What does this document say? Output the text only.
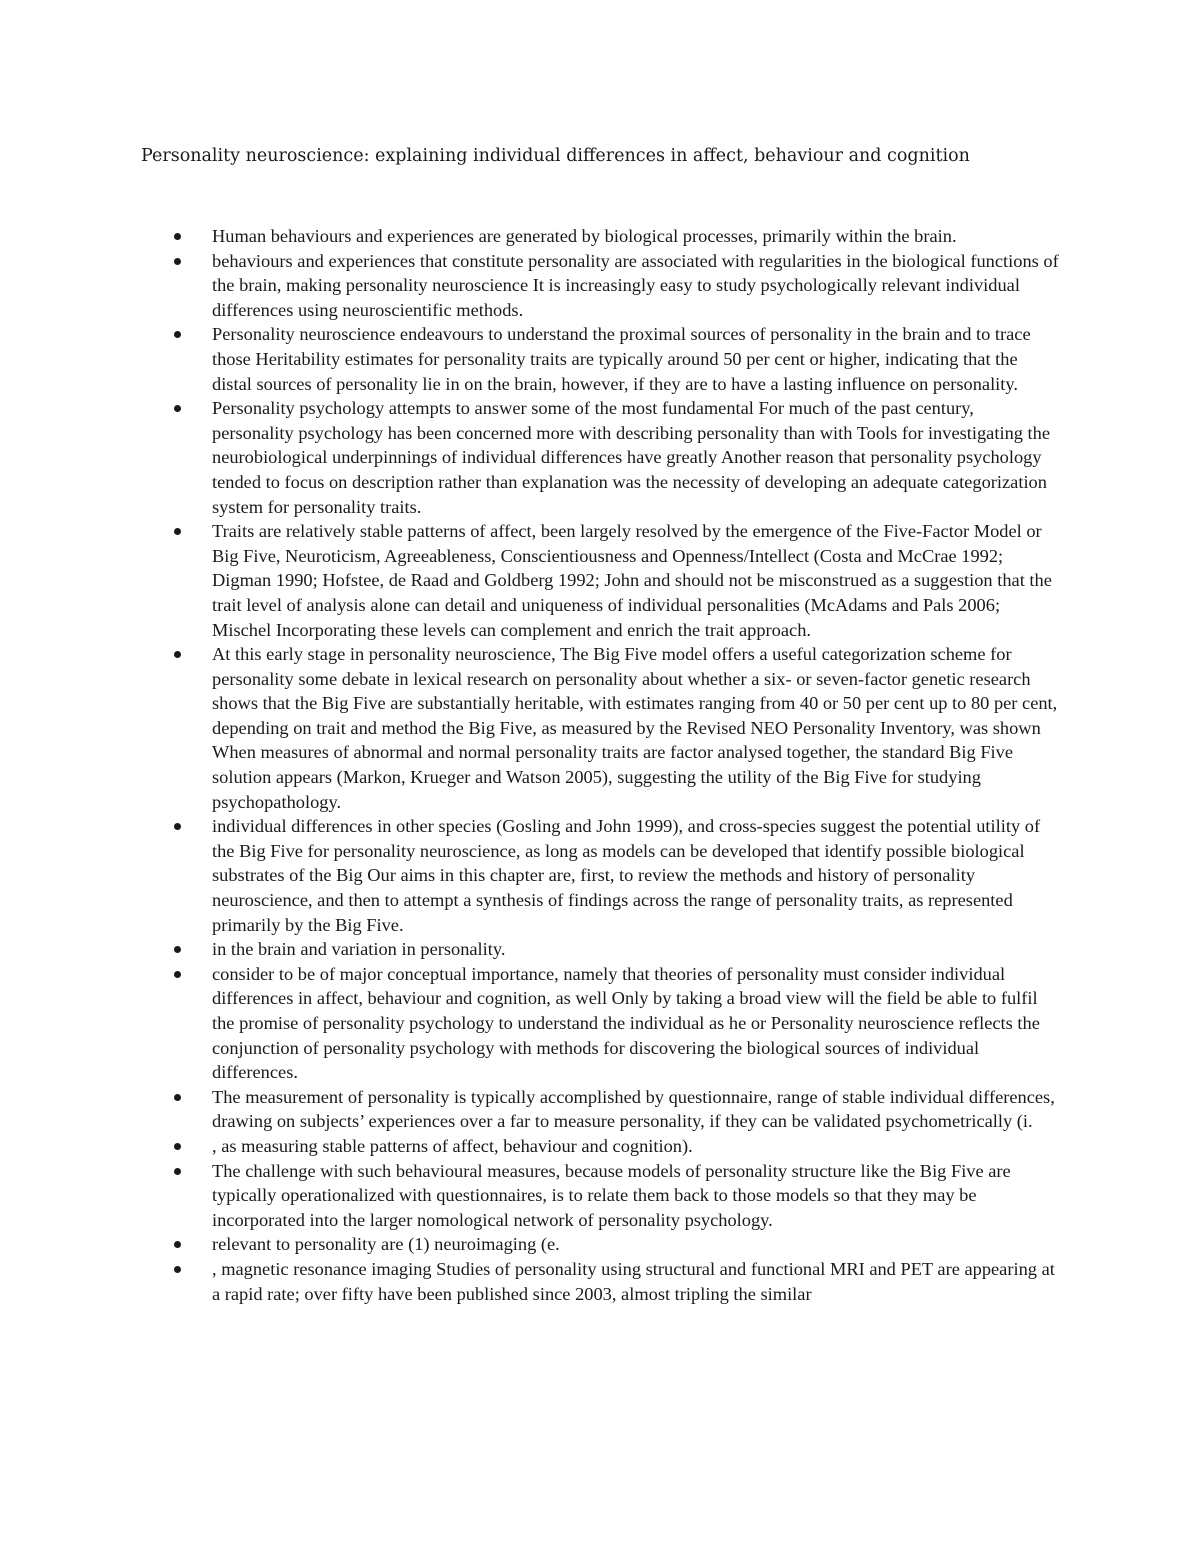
Personality neuroscience: explaining individual differences in affect, behaviour and cognition
Human behaviours and experiences are generated by biological processes, primarily within the brain.
behaviours and experiences that constitute personality are associated with regularities in the biological functions of the brain, making personality neuroscience It is increasingly easy to study psychologically relevant individual differences using neuroscientific methods.
Personality neuroscience endeavours to understand the proximal sources of personality in the brain and to trace those Heritability estimates for personality traits are typically around 50 per cent or higher, indicating that the distal sources of personality lie in on the brain, however, if they are to have a lasting influence on personality.
Personality psychology attempts to answer some of the most fundamental For much of the past century, personality psychology has been concerned more with describing personality than with Tools for investigating the neurobiological underpinnings of individual differences have greatly Another reason that personality psychology tended to focus on description rather than explanation was the necessity of developing an adequate categorization system for personality traits.
Traits are relatively stable patterns of affect, been largely resolved by the emergence of the Five-Factor Model or Big Five, Neuroticism, Agreeableness, Conscientiousness and Openness/Intellect (Costa and McCrae 1992; Digman 1990; Hofstee, de Raad and Goldberg 1992; John and should not be misconstrued as a suggestion that the trait level of analysis alone can detail and uniqueness of individual personalities (McAdams and Pals 2006; Mischel Incorporating these levels can complement and enrich the trait approach.
At this early stage in personality neuroscience, The Big Five model offers a useful categorization scheme for personality some debate in lexical research on personality about whether a six- or seven-factor genetic research shows that the Big Five are substantially heritable, with estimates ranging from 40 or 50 per cent up to 80 per cent, depending on trait and method the Big Five, as measured by the Revised NEO Personality Inventory, was shown When measures of abnormal and normal personality traits are factor analysed together, the standard Big Five solution appears (Markon, Krueger and Watson 2005), suggesting the utility of the Big Five for studying psychopathology.
individual differences in other species (Gosling and John 1999), and cross-species suggest the potential utility of the Big Five for personality neuroscience, as long as models can be developed that identify possible biological substrates of the Big Our aims in this chapter are, first, to review the methods and history of personality neuroscience, and then to attempt a synthesis of findings across the range of personality traits, as represented primarily by the Big Five.
in the brain and variation in personality.
consider to be of major conceptual importance, namely that theories of personality must consider individual differences in affect, behaviour and cognition, as well Only by taking a broad view will the field be able to fulfil the promise of personality psychology to understand the individual as he or Personality neuroscience reflects the conjunction of personality psychology with methods for discovering the biological sources of individual differences.
The measurement of personality is typically accomplished by questionnaire, range of stable individual differences, drawing on subjects’ experiences over a far to measure personality, if they can be validated psychometrically (i.
, as measuring stable patterns of affect, behaviour and cognition).
The challenge with such behavioural measures, because models of personality structure like the Big Five are typically operationalized with questionnaires, is to relate them back to those models so that they may be incorporated into the larger nomological network of personality psychology.
relevant to personality are (1) neuroimaging (e.
, magnetic resonance imaging Studies of personality using structural and functional MRI and PET are appearing at a rapid rate; over fifty have been published since 2003, almost tripling the similar
